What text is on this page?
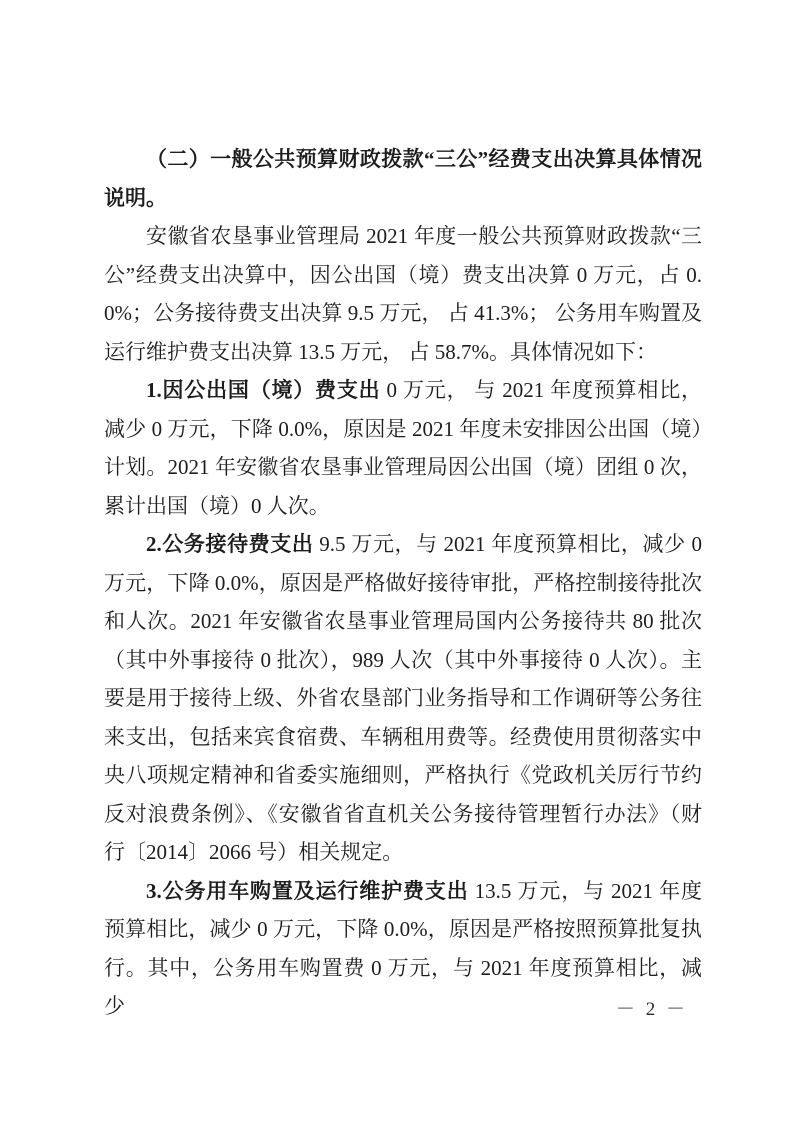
（二）一般公共预算财政拨款“三公”经费支出决算具体情况说明。

安徽省农垦事业管理局 2021 年度一般公共预算财政拨款“三公”经费支出决算中，因公出国（境）费支出决算 0 万元，占 0.0%；公务接待费支出决算 9.5 万元， 占 41.3%； 公务用车购置及运行维护费支出决算 13.5 万元， 占 58.7%。具体情况如下：

1.因公出国（境）费支出 0 万元， 与 2021 年度预算相比，减少 0 万元，下降 0.0%，原因是 2021 年度未安排因公出国（境）计划。2021 年安徽省农垦事业管理局因公出国（境）团组 0 次，累计出国（境）0 人次。

2.公务接待费支出 9.5 万元，与 2021 年度预算相比，减少 0 万元，下降 0.0%，原因是严格做好接待审批，严格控制接待批次和人次。2021 年安徽省农垦事业管理局国内公务接待共 80 批次（其中外事接待 0 批次），989 人次（其中外事接待 0 人次）。主要是用于接待上级、外省农垦部门业务指导和工作调研等公务往来支出，包括来宾食宿费、车辆租用费等。经费使用贯彻落实中央八项规定精神和省委实施细则，严格执行《党政机关厉行节约反对浪费条例》、《安徽省省直机关公务接待管理暂行办法》（财行〔2014〕2066 号）相关规定。

3.公务用车购置及运行维护费支出 13.5 万元，与 2021 年度预算相比，减少 0 万元，下降 0.0%，原因是严格按照预算批复执行。其中，公务用车购置费 0 万元，与 2021 年度预算相比，减少	－ 2 －
